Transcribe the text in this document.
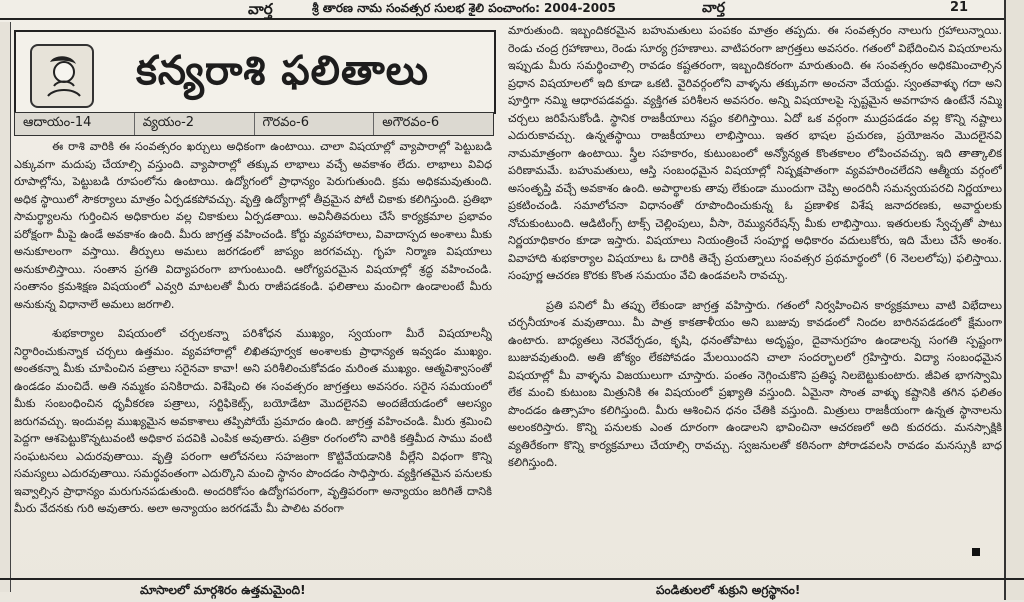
వార్త	శ్రీ తారణ నామ సంవత్సర సులభ శైలి పంచాంగం: 2004-2005	వార్త	21
కన్యరాశి ఫలితాలు
ఆదాయం-14	వ్యయం-2	గౌరవం-6	అగౌరవం-6

ఈ రాశి వారికి ఈ సంవత్సరం ఖర్చులు అధికంగా ఉంటాయి. చాలా విషయాల్లో వ్యాపారాల్లో పెట్టుబడి ఎక్కువగా మదుపు చేయాల్సి వస్తుంది. వ్యాపారాల్లో తక్కువ లాభాలు వచ్చే అవకాశం లేదు. లాభాలు వివిధ రూపాల్లోను, పెట్టుబడి రూపంలోను ఉంటాయి. ఉద్యోగంలో ప్రాధాన్యం పెరుగుతుంది. క్రమ అధికమవుతుంది. అధిక స్థాయిలో సౌకర్యాలు మాత్రం ఏర్పడకపోవచ్చు. వృత్తి ఉద్యోగాల్లో తీవ్రమైన పోటీ చికాకు కలిగిస్తుంది. ప్రతిభా సామర్థ్యాలను గుర్తించిన అధికారుల వల్ల చికాకులు ఏర్పడతాయి. అవినీతివరులు చేసే కార్యక్రమాల ప్రభావం పరోక్షంగా మీపై ఉండే అవకాశం ఉంది. మీరు జాగ్రత్త వహించండి. కోర్టు వ్యవహారాలు, వివాదాస్పద అంశాలు మీకు అనుకూలంగా వస్తాయి. తీర్పులు అమలు జరగడంలో జాప్యం జరగవచ్చు. గృహ నిర్మాణ విషయాలు అనుకూలిస్తాయి. సంతాన ప్రగతి విద్యాపరంగా బాగుంటుంది. ఆరోగ్యపరమైన విషయాల్లో శ్రద్ధ వహించండి. సంతానం క్రమశిక్షణ విషయంలో ఎవ్వరి మాటలతో మీరు రాజీపడకండి. ఫలితాలు మంచిగా ఉండాలంటే మీరు అనుకున్న విధానాలే అమలు జరగాలి.

శుభకార్యాల విషయంలో చర్చలకన్నా పరిశోధన ముఖ్యం, స్వయంగా మీరే విషయాలన్నీ నిర్ధారించుకున్నాక చర్చలు ఉత్తమం. వ్యవహారాల్లో లిఖితపూర్వక అంశాలకు ప్రాధాన్యత ఇవ్వడం ముఖ్యం. అంతకన్నా మీకు చూపించిన పత్రాలు సరైనవా కావా! అని పరిశీలించుకోవడం మరింత ముఖ్యం. ఆత్మవిశ్వాసంతో ఉండడం మంచిదే. అతి నమ్మకం పనికిరాదు. విశేషించి ఈ సంవత్సరం జాగ్రత్తలు అవసరం. సరైన సమయంలో మీకు సంబంధించిన ధృవీకరణ పత్రాలు, సర్టిఫికెట్స్, బయోడేటా మొదలైనవి అందజేయడంలో ఆలస్యం జరుగవచ్చు. ఇందువల్ల ముఖ్యమైన అవకాశాలు తప్పిపోయే ప్రమాదం ఉంది. జాగ్రత్త వహించండి. మీరు శ్రమించి పెద్దగా ఆశపెట్టుకొన్నటువంటి అధికార పదవికి ఎంపిక అవుతారు. పత్రికా రంగంలోని వారికి కత్తిమీద సాము వంటి సంఘటనలు ఎదురవుతాయి. వృత్తి పరంగా ఆలోచనలు సహజంగా కొట్టివేయడానికి వీల్లేని విధంగా కొన్ని సమస్యలు ఎదురవుతాయి. సమర్థవంతంగా ఎదుర్కొని మంచి స్థానం పొందడం సాధిస్తారు. వ్యక్తిగతమైన పనులకు ఇవ్వాల్సిన ప్రాధాన్యం మరుగునపడుతుంది. అందరికోసం ఉద్యోగపరంగా, వృత్తిపరంగా అన్యాయం జరిగితే దానికి మీరు వేదనకు గురి అవుతారు. అలా అన్యాయం జరగడమే మీ పాలిట వరంగా

మారుతుంది. ఇబ్బందికరమైన బహుమతులు పంపకం మాత్రం తప్పదు. ఈ సంవత్సరం నాలుగు గ్రహాలున్నాయి. రెండు చంద్ర గ్రహాణాలు, రెండు సూర్య గ్రహణాలు. వాటిపరంగా జాగ్రత్తలు అవసరం. గతంలో విభేదించిన విషయాలను ఇప్పుడు మీరు సమర్థించాల్సి రావడం కష్టతరంగా, ఇబ్బందికరంగా మారుతుంది. ఈ సంవత్సరం అధికమించాల్సిన ప్రధాన విషయాలలో ఇది కూడా ఒకటి. వైరివర్గంలోని వాళ్ళను తక్కువగా అంచనా వేయద్దు. స్వంతవాళ్ళు గదా అని పూర్తిగా నమ్మి ఆధారపడవద్దు. వ్యక్తిగత పరిశీలన అవసరం. అన్ని విషయాలపై స్పష్టమైన అవగాహన ఉంటేనే నమ్మి చర్చలు జరిపేసుకోండి. స్థానిక రాజకీయాలు నష్టం కలిగిస్తాయి. ఏదో ఒక వర్గంగా ముద్రపడడం వల్ల కొన్ని నష్టాలు ఎదురుకావచ్చు. ఉన్నతస్థాయి రాజకీయాలు లాభిస్తాయి. ఇతర భాషల ప్రచురణ, ప్రయోజనం మొదలైనవి నామమాత్రంగా ఉంటాయి. స్త్రీల సహకారం, కుటుంబంలో అన్యోన్యత కొంతకాలం లోపించవచ్చు. ఇది తాత్కాలిక పరిణామమే. బహుమతులు, ఆస్తి సంబంధమైన విషయాల్లో నిష్పక్షపాతంగా వ్యవహరించలేదని ఆత్మీయ వర్గంలో అసంతృప్తి వచ్చే అవకాశం ఉంది. అపార్థాలకు తావు లేకుండా ముందుగా చెప్పి అందరినీ సమన్వయపరచి నిర్ణయాలు ప్రకటించండి. సమాలోచనా విధానంతో రూపొందించుకున్న ఓ ప్రణాళిక విశేష జనాదరణకు, అవార్డులకు నోచుకుంటుంది. ఆడిటింగ్స్ టాక్స్ చెల్లింపులు, వీసా, రెమ్యునరేషన్స్ మీకు లాభిస్తాయి. ఇతరులకు స్వేచ్ఛతో పాటు నిర్ణయాధికారం కూడా ఇస్తారు. విషయాలు నియంత్రించే సంపూర్ణ అధికారం వదులుకోరు, ఇది మేలు చేసే అంశం. వివాహాది శుభకార్యాల విషయాలు ఓ దారికి తెచ్చే ప్రయత్నాలు సంవత్సర ప్రథమార్థంలో (6 నెలలలోపు) ఫలిస్తాయి. సంపూర్ణ ఆచరణ కొరకు కొంత సమయం వేచి ఉండవలసి రావచ్చు.

ప్రతి పనిలో మీ తప్పు లేకుండా జాగ్రత్త వహిస్తారు. గతంలో నిర్వహించిన కార్యక్రమాలు వాటి విభేదాలు చర్చనీయాంశ మవుతాయి. మీ పాత్ర కాకతాళీయం అని బుజువు కావడంలో నిందల బారినపడడంలో క్షేమంగా ఉంటారు. బాధ్యతలు నెరవేర్చడం, కృషి, ధనంతోపాటు అదృష్టం, దైవానుగ్రహం ఉండాలన్న సంగతి స్పష్టంగా బుజువవుతుంది. అతి జోక్యం లేకపోవడం మేలయిందని చాలా సందర్భాలలో గ్రహిస్తారు. విద్యా సంబంధమైన విషయాల్లో మీ వాళ్ళను విజయులుగా చూస్తారు. పంతం నెగ్గించుకొని ప్రతిష్ఠ నిలబెట్టుకుంటారు. జీవిత భాగస్వామి లేక మంచి కుటుంబ మిత్రునికి ఈ విషయంలో ప్రఖ్యాతి వస్తుంది. ఏమైనా సొంత వాళ్ళు కష్టానికి తగిన ఫలితం పొందడం ఉత్సాహం కలిగిస్తుంది. మీరు ఆశించిన ధనం చేతికి వస్తుంది. మిత్రులు రాజకీయంగా ఉన్నత స్థానాలను అలంకరిస్తారు. కొన్ని పనులకు ఎంత దూరంగా ఉండాలని భావించినా ఆచరణలో అది కుదరదు. మనస్సాక్షికి వ్యతిరేకంగా కొన్ని కార్యక్రమాలు చేయాల్సి రావచ్చు. స్వజనులతో కఠినంగా పోరాడవలసి రావడం మనస్సుకి బాధ కలిగిస్తుంది.

మాసాలలో మార్గశిరం ఉత్తమమైంది!	పండితులలో శుక్రుని అగ్రస్థానం!
